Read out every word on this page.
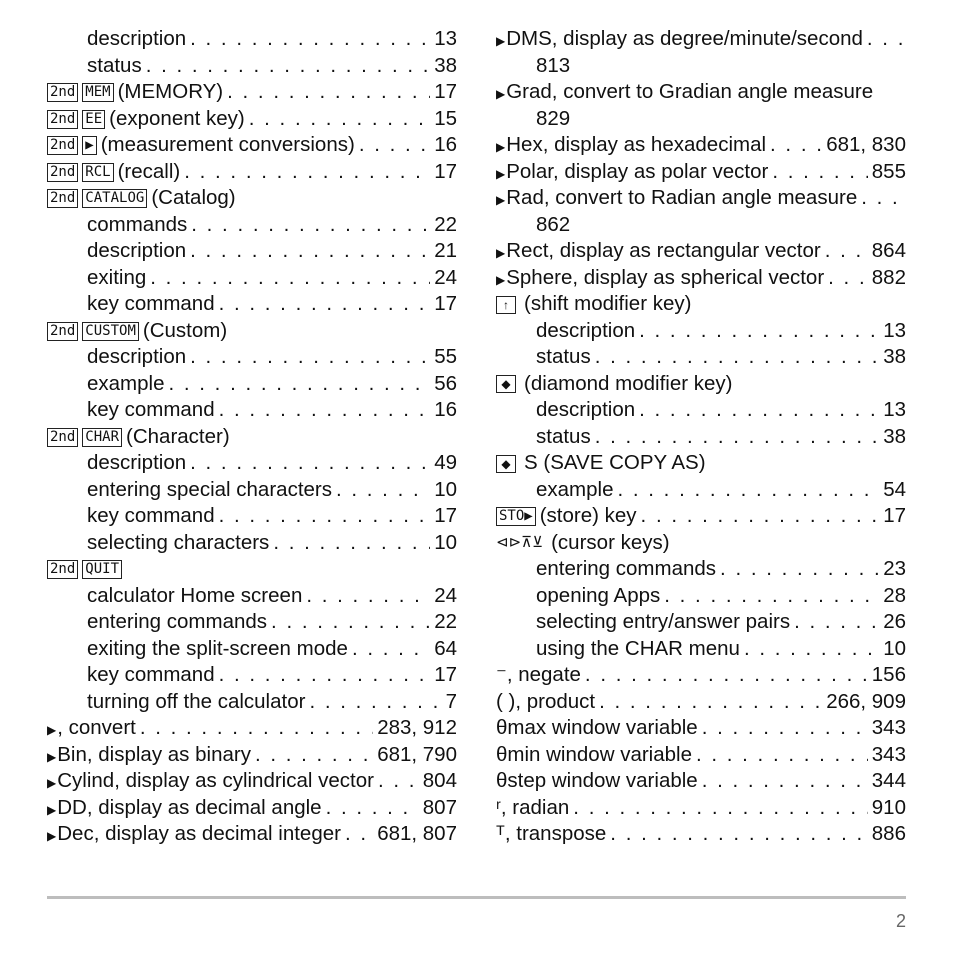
description . . .	13
status . . .	38
2nd MEM (MEMORY) . . .	17
2nd EE (exponent key) . . .	15
2nd ▶ (measurement conversions) . . .	16
2nd RCL (recall) . . .	17
2nd CATALOG (Catalog)
commands . . .	22
description . . .	21
exiting . . .	24
key command . . .	17
2nd CUSTOM (Custom)
description . . .	55
example . . .	56
key command . . .	16
2nd CHAR (Character)
description . . .	49
entering special characters . . .	10
key command . . .	17
selecting characters . . .	10
2nd QUIT
calculator Home screen . . .	24
entering commands . . .	22
exiting the split-screen mode . . .	64
key command . . .	17
turning off the calculator . . .	7
▶, convert . . .	283, 912
▶Bin, display as binary . . .	681, 790
▶Cylind, display as cylindrical vector . . . 804
▶DD, display as decimal angle . . .	807
▶Dec, display as decimal integer . . . 681, 807
▶DMS, display as degree/minute/second
. . .
813
▶Grad, convert to Gradian angle measure
829
▶Hex, display as hexadecimal . . .	681, 830
▶Polar, display as polar vector . . .	855
▶Rad, convert to Radian angle measure
. . .
862
▶Rect, display as rectangular vector . . . 864
▶Sphere, display as spherical vector . . . 882
↑ (shift modifier key)
description . . .	13
status . . .	38
◆ (diamond modifier key)
description . . .	13
status . . .	38
◆ S (SAVE COPY AS)
example . . .	54
STO▶ (store) key . . .	17
⊲⊳⊼⊻ (cursor keys)
entering commands . . .	23
opening Apps . . .	28
selecting entry/answer pairs . . .	26
using the CHAR menu . . .	10
⁻, negate . . .	156
( ), product . . .	266, 909
θmax window variable . . .	343
θmin window variable . . .	343
θstep window variable . . .	344
ʳ, radian . . .	910
ᵀ, transpose . . .	886
2
